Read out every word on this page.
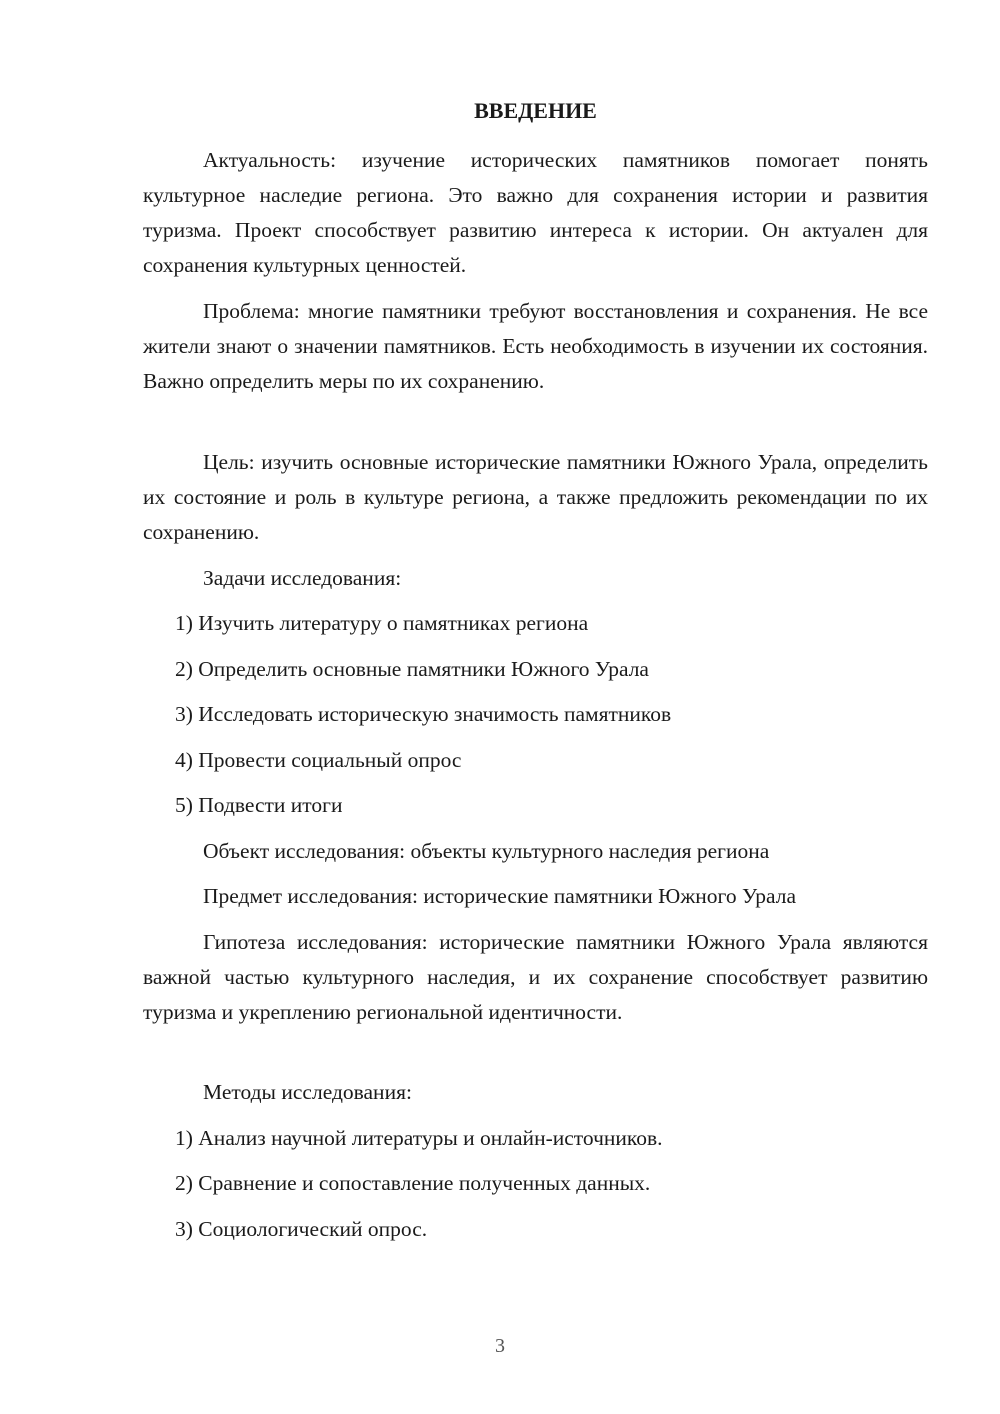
ВВЕДЕНИЕ

Актуальность: изучение исторических памятников помогает понять культурное наследие региона. Это важно для сохранения истории и развития туризма. Проект способствует развитию интереса к истории. Он актуален для сохранения культурных ценностей.

Проблема: многие памятники требуют восстановления и сохранения. Не все жители знают о значении памятников. Есть необходимость в изучении их состояния. Важно определить меры по их сохранению.

Цель: изучить основные исторические памятники Южного Урала, определить их состояние и роль в культуре региона, а также предложить рекомендации по их сохранению.

Задачи исследования:

1) Изучить литературу о памятниках региона

2) Определить основные памятники Южного Урала

3) Исследовать историческую значимость памятников

4) Провести социальный опрос

5) Подвести итоги

Объект исследования: объекты культурного наследия региона

Предмет исследования: исторические памятники Южного Урала

Гипотеза исследования: исторические памятники Южного Урала являются важной частью культурного наследия, и их сохранение способствует развитию туризма и укреплению региональной идентичности.

Методы исследования:

1) Анализ научной литературы и онлайн-источников.

2) Сравнение и сопоставление полученных данных.

3) Социологический опрос.

3
